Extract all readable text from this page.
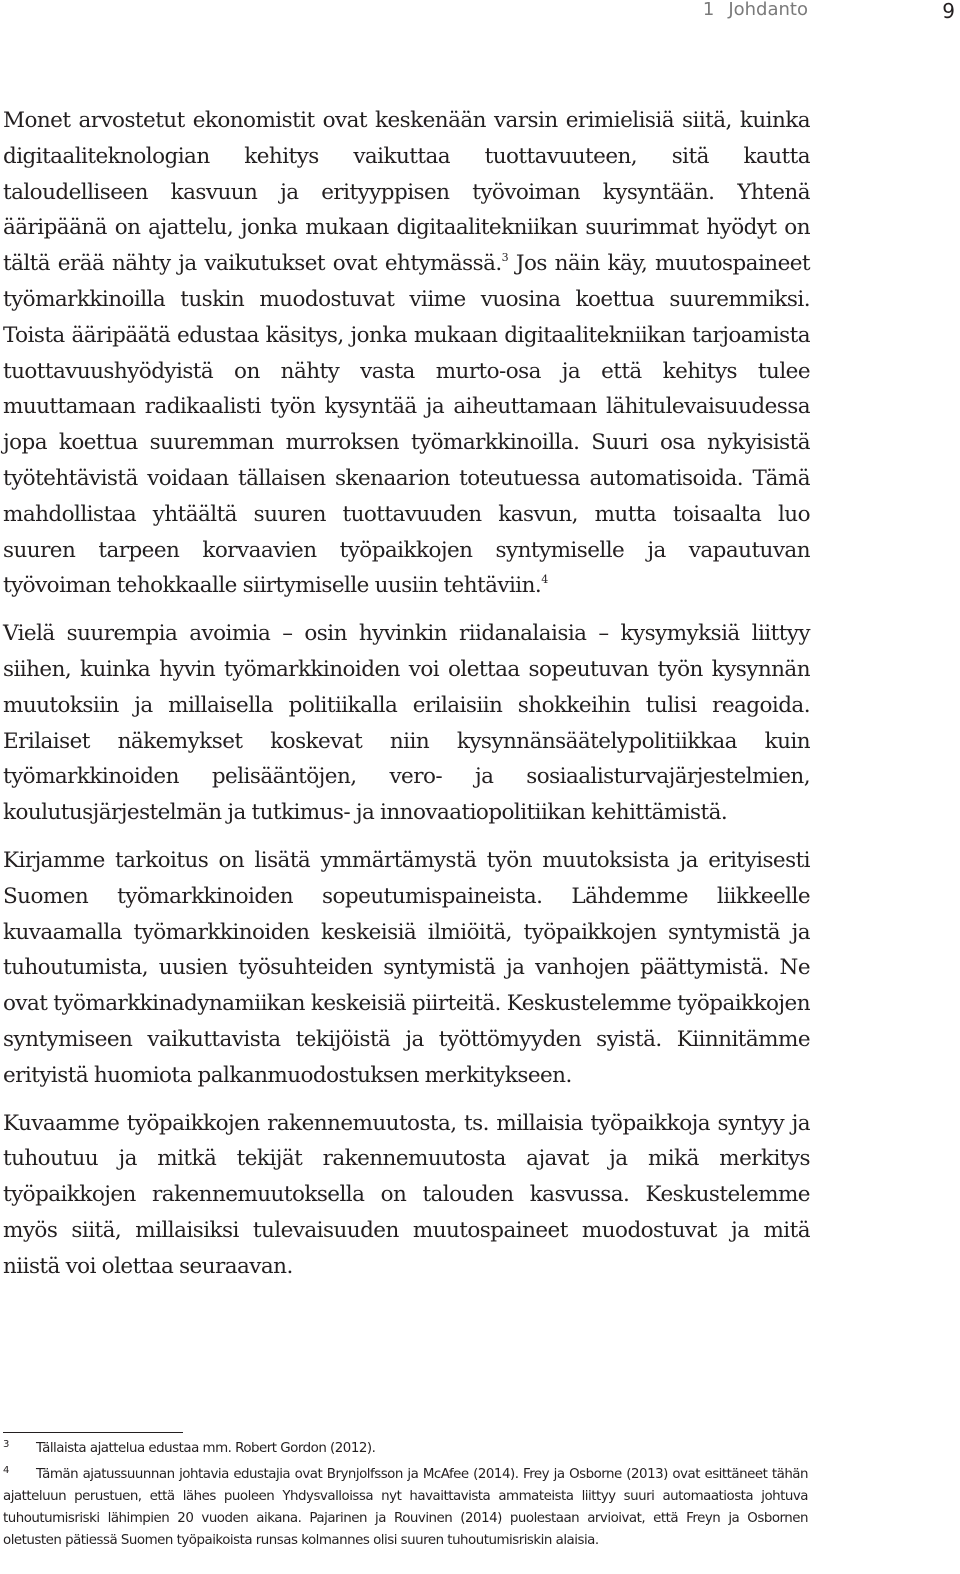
1 Johdanto	9

Monet arvostetut ekonomistit ovat keskenään varsin erimielisiä siitä, kuinka digitaaliteknologian kehitys vaikuttaa tuottavuuteen, sitä kautta taloudelliseen kasvuun ja erityyppisen työvoiman kysyntään. Yhtenä ääripäänä on ajattelu, jonka mukaan digitaalitekniikan suurimmat hyödyt on tältä erää nähty ja vaikutukset ovat ehtymässä.$^3$ Jos näin käy, muutospaineet työmarkkinoilla tuskin muodostuvat viime vuosina koettua suuremmiksi. Toista ääripäätä edustaa käsitys, jonka mukaan digitaalitekniikan tarjoamista tuottavuushyödyistä on nähty vasta murto-osa ja että kehitys tulee muuttamaan radikaalisti työn kysyntää ja aiheuttamaan lähitulevaisuudessa jopa koettua suuremman murroksen työmarkkinoilla. Suuri osa nykyisistä työtehtävistä voidaan tällaisen skenaarion toteutuessa automatisoida. Tämä mahdollistaa yhtäältä suuren tuottavuuden kasvun, mutta toisaalta luo suuren tarpeen korvaavien työpaikkojen syntymiselle ja vapautuvan työvoiman tehokkaalle siirtymiselle uusiin tehtäviin.$^4$

Vielä suurempia avoimia – osin hyvinkin riidanalaisia – kysymyksiä liittyy siihen, kuinka hyvin työmarkkinoiden voi olettaa sopeutuvan työn kysynnän muutoksiin ja millaisella politiikalla erilaisiin shokkeihin tulisi reagoida. Erilaiset näkemykset koskevat niin kysynnänsäätelypolitiikkaa kuin työmarkkinoiden pelisääntöjen, vero- ja sosiaalisturvajärjestelmien, koulutusjärjestelmän ja tutkimus- ja innovaatiopolitiikan kehittämistä.

Kirjamme tarkoitus on lisätä ymmärtämystä työn muutoksista ja erityisesti Suomen työmarkkinoiden sopeutumispaineista. Lähdemme liikkeelle kuvaamalla työmarkkinoiden keskeisiä ilmiöitä, työpaikkojen syntymistä ja tuhoutumista, uusien työsuhteiden syntymistä ja vanhojen päättymistä. Ne ovat työmarkkinadynamiikan keskeisiä piirteitä. Keskustelemme työpaikkojen syntymiseen vaikuttavista tekijöistä ja työttömyyden syistä. Kiinnitämme erityistä huomiota palkanmuodostuksen merkitykseen.

Kuvaamme työpaikkojen rakennemuutosta, ts. millaisia työpaikkoja syntyy ja tuhoutuu ja mitkä tekijät rakennemuutosta ajavat ja mikä merkitys työpaikkojen rakennemuutoksella on talouden kasvussa. Keskustelemme myös siitä, millaisiksi tulevaisuuden muutospaineet muodostuvat ja mitä niistä voi olettaa seuraavan.

3	Tällaista ajattelua edustaa mm. Robert Gordon (2012).
4	Tämän ajatussuunnan johtavia edustajia ovat Brynjolfsson ja McAfee (2014). Frey ja Osborne (2013) ovat esittäneet tähän ajatteluun perustuen, että lähes puoleen Yhdysvalloissa nyt havaittavista ammateista liittyy suuri automaatiosta johtuva tuhoutumisriski lähimpien 20 vuoden aikana. Pajarinen ja Rouvinen (2014) puolestaan arvioivat, että Freyn ja Osbornen oletusten pätiessä Suomen työpaikoista runsas kolmannes olisi suuren tuhoutumisriskin alaisia.
